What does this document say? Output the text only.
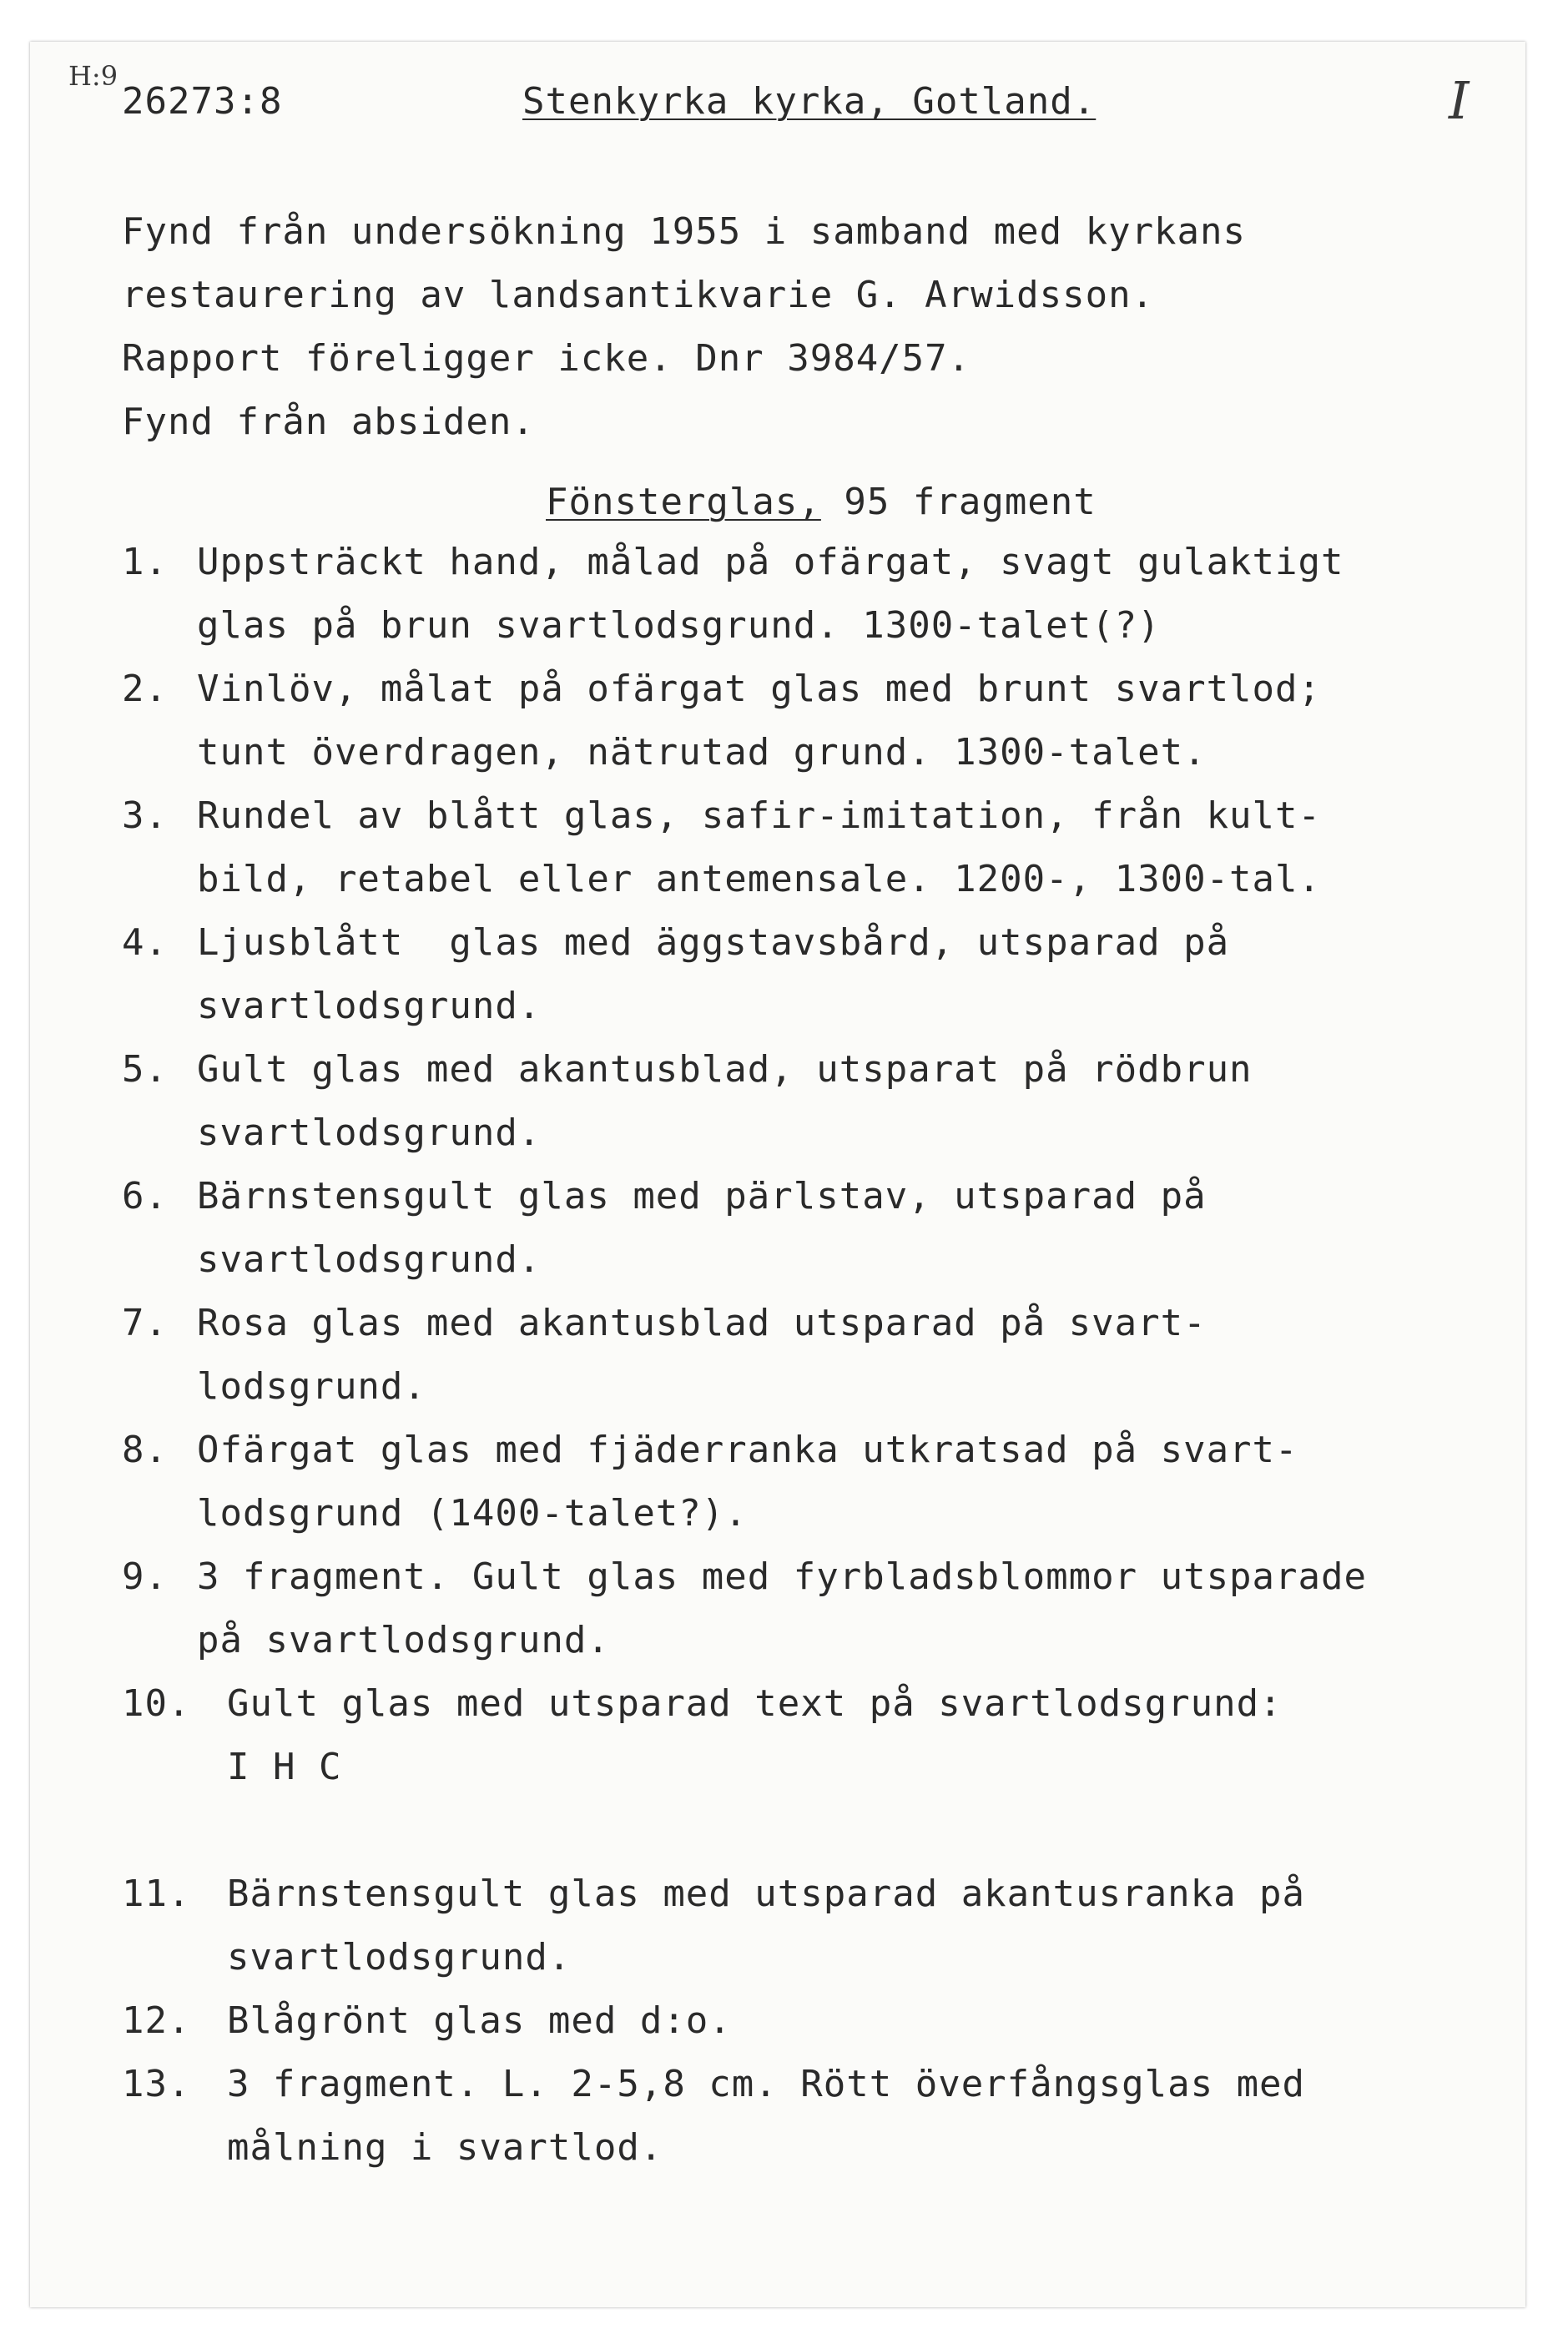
H:9
26273:8	Stenkyrka kyrka, Gotland.	I
Fynd från undersökning 1955 i samband med kyrkans
restaurering av landsantikvarie G. Arwidsson.
Rapport föreligger icke. Dnr 3984/57.
Fynd från absiden.
Fönsterglas, 95 fragment
1. Uppsträckt hand, målad på ofärgat, svagt gulaktigt
glas på brun svartlodsgrund. 1300-talet(?)
2. Vinlöv, målat på ofärgat glas med brunt svartlod;
tunt överdragen, nätrutad grund. 1300-talet.
3. Rundel av blått glas, safir-imitation, från kult-
bild, retabel eller antemensale. 1200-, 1300-tal.
4. Ljusblått  glas med äggstavsbård, utsparad på
svartlodsgrund.
5. Gult glas med akantusblad, utsparat på rödbrun
svartlodsgrund.
6. Bärnstensgult glas med pärlstav, utsparad på
svartlodsgrund.
7. Rosa glas med akantusblad utsparad på svart-
lodsgrund.
8. Ofärgat glas med fjäderranka utkratsad på svart-
lodsgrund (1400-talet?).
9. 3 fragment. Gult glas med fyrbladsblommor utsparade
på svartlodsgrund.
10. Gult glas med utsparad text på svartlodsgrund:
I H C
11. Bärnstensgult glas med utsparad akantusranka på
svartlodsgrund.
12. Blågrönt glas med d:o.
13. 3 fragment. L. 2-5,8 cm. Rött överfångsglas med
målning i svartlod.
